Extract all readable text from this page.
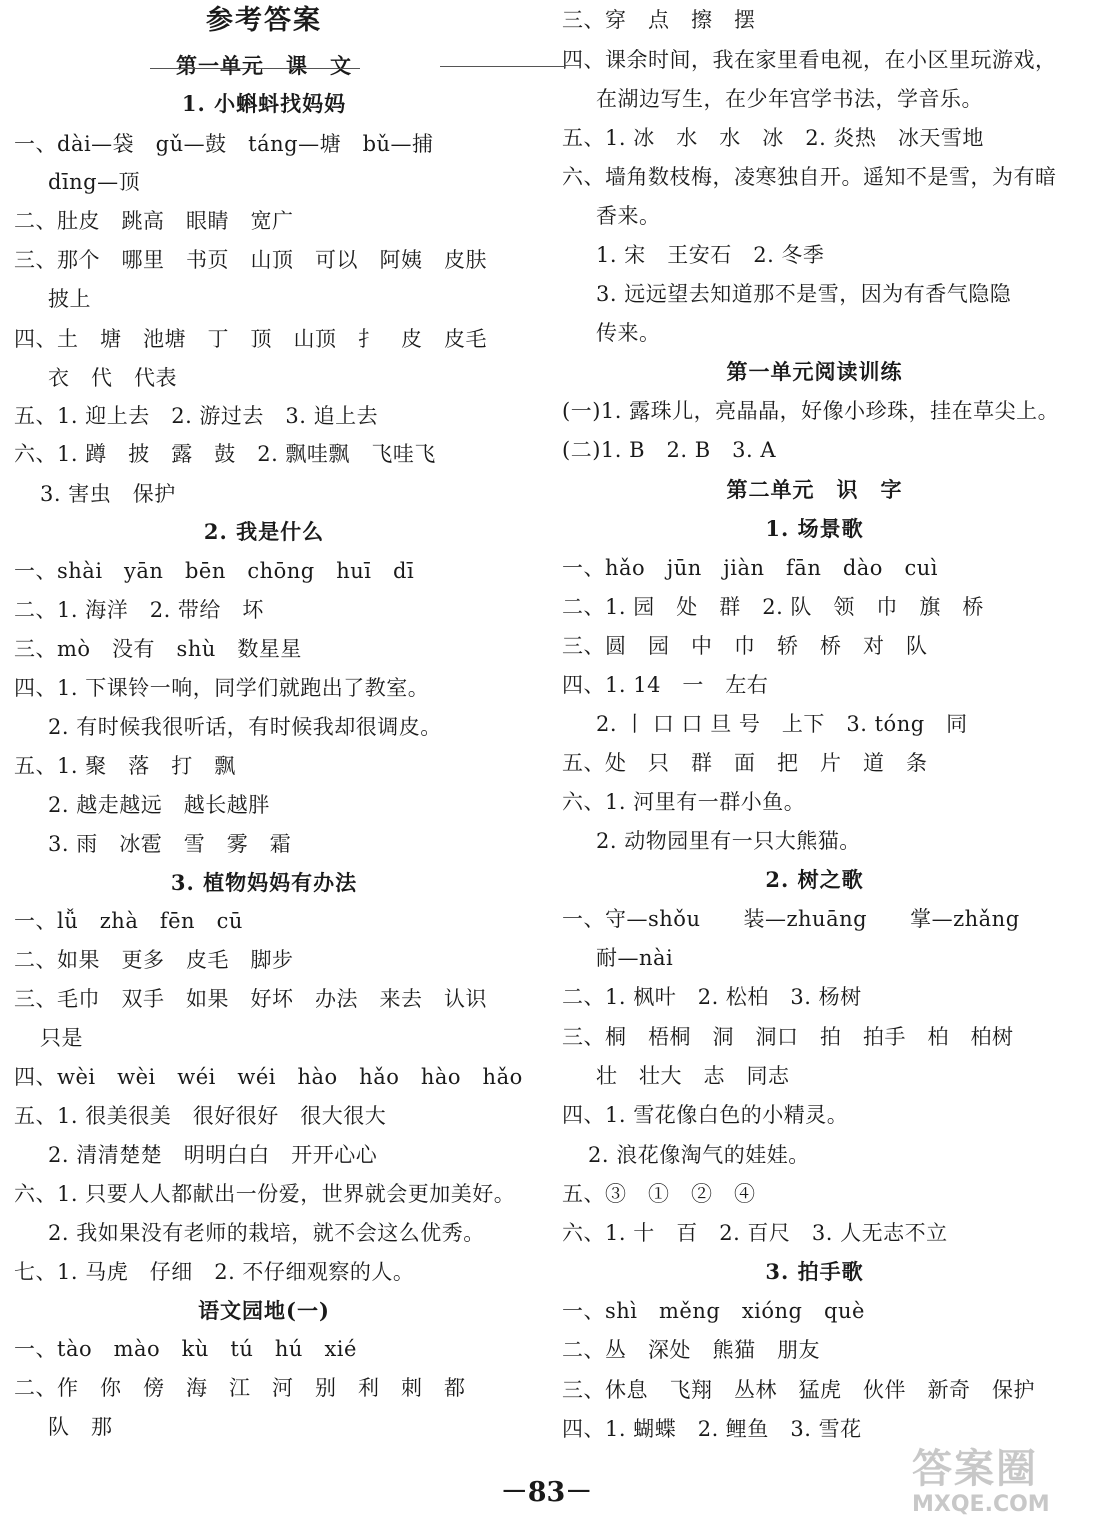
参考答案
第一单元　课　文
1. 小蝌蚪找妈妈
一、dài—袋　gǔ—鼓　táng—塘　bǔ—捕
dīng—顶
二、肚皮　跳高　眼睛　宽广
三、那个　哪里　书页　山顶　可以　阿姨　皮肤
披上
四、土　塘　池塘　丁　顶　山顶　扌　皮　皮毛
衣　代　代表
五、1. 迎上去　2. 游过去　3. 追上去
六、1. 蹲　披　露　鼓　2. 飘哇飘　飞哇飞
3. 害虫　保护
2. 我是什么
一、shài　yān　bēn　chōng　huī　dī
二、1. 海洋　2. 带给　坏
三、mò　没有　shù　数星星
四、1. 下课铃一响，同学们就跑出了教室。
2. 有时候我很听话，有时候我却很调皮。
五、1. 聚　落　打　飘
2. 越走越远　越长越胖
3. 雨　冰雹　雪　雾　霜
3. 植物妈妈有办法
一、lǚ　zhà　fēn　cū
二、如果　更多　皮毛　脚步
三、毛巾　双手　如果　好坏　办法　来去　认识
只是
四、wèi　wèi　wéi　wéi　hào　hǎo　hào　hǎo
五、1. 很美很美　很好很好　很大很大
2. 清清楚楚　明明白白　开开心心
六、1. 只要人人都献出一份爱，世界就会更加美好。
2. 我如果没有老师的栽培，就不会这么优秀。
七、1. 马虎　仔细　2. 不仔细观察的人。
语文园地(一)
一、tào　mào　kù　tú　hú　xié
二、作　你　傍　海　江　河　别　利　刺　都
队　那
三、穿　点　擦　摆
四、课余时间，我在家里看电视，在小区里玩游戏，
在湖边写生，在少年宫学书法，学音乐。
五、1. 冰　水　水　冰　2. 炎热　冰天雪地
六、墙角数枝梅，凌寒独自开。遥知不是雪，为有暗
香来。
1. 宋　王安石　2. 冬季
3. 远远望去知道那不是雪，因为有香气隐隐
传来。
第一单元阅读训练
(一)1. 露珠儿，亮晶晶，好像小珍珠，挂在草尖上。
(二)1. B　2. B　3. A
第二单元　识　字
1. 场景歌
一、hǎo　jūn　jiàn　fān　dào　cuì
二、1. 园　处　群　2. 队　领　巾　旗　桥
三、圆　园　中　巾　轿　桥　对　队
四、1. 14　一　左右
2. 丨 口 口 旦 号　上下　3. tóng　同
五、处　只　群　面　把　片　道　条
六、1. 河里有一群小鱼。
2. 动物园里有一只大熊猫。
2. 树之歌
一、守—shǒu　　装—zhuāng　　掌—zhǎng
耐—nài
二、1. 枫叶　2. 松柏　3. 杨树
三、桐　梧桐　洞　洞口　拍　拍手　柏　柏树
壮　壮大　志　同志
四、1. 雪花像白色的小精灵。
2. 浪花像淘气的娃娃。
五、③　①　②　④
六、1. 十　百　2. 百尺　3. 人无志不立
3. 拍手歌
一、shì　měng　xióng　què
二、丛　深处　熊猫　朋友
三、休息　飞翔　丛林　猛虎　伙伴　新奇　保护
四、1. 蝴蝶　2. 鲤鱼　3. 雪花
－83－
答案圈
MXQE.COM
